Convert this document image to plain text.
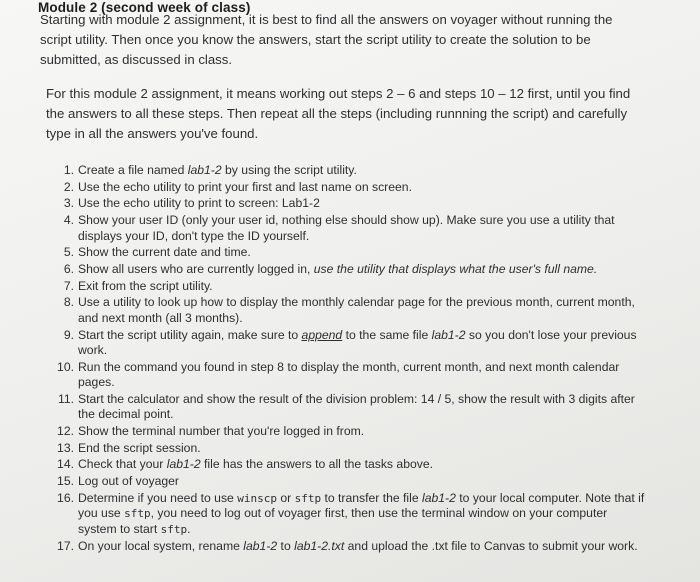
Module 2 (second week of class)

Starting with module 2 assignment, it is best to find all the answers on voyager without running the script utility. Then once you know the answers, start the script utility to create the solution to be submitted, as discussed in class.

For this module 2 assignment, it means working out steps 2 – 6 and steps 10 – 12 first, until you find the answers to all these steps. Then repeat all the steps (including runnning the script) and carefully type in all the answers you've found.

1. Create a file named lab1-2 by using the script utility.
2. Use the echo utility to print your first and last name on screen.
3. Use the echo utility to print to screen: Lab1-2
4. Show your user ID (only your user id, nothing else should show up). Make sure you use a utility that displays your ID, don't type the ID yourself.
5. Show the current date and time.
6. Show all users who are currently logged in, use the utility that displays what the user's full name.
7. Exit from the script utility.
8. Use a utility to look up how to display the monthly calendar page for the previous month, current month, and next month (all 3 months).
9. Start the script utility again, make sure to append to the same file lab1-2 so you don't lose your previous work.
10. Run the command you found in step 8 to display the month, current month, and next month calendar pages.
11. Start the calculator and show the result of the division problem: 14 / 5, show the result with 3 digits after the decimal point.
12. Show the terminal number that you're logged in from.
13. End the script session.
14. Check that your lab1-2 file has the answers to all the tasks above.
15. Log out of voyager
16. Determine if you need to use winscp or sftp to transfer the file lab1-2 to your local computer. Note that if you use sftp, you need to log out of voyager first, then use the terminal window on your computer system to start sftp.
17. On your local system, rename lab1-2 to lab1-2.txt and upload the .txt file to Canvas to submit your work.
